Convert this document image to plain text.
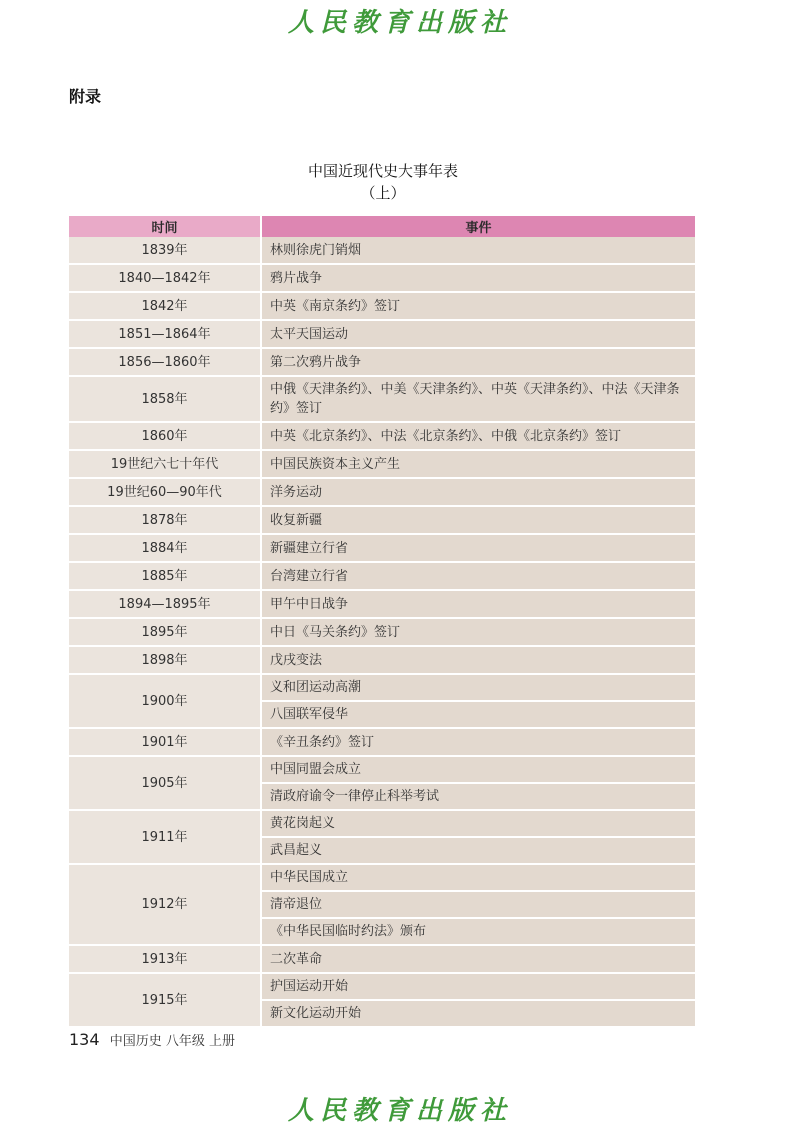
人民教育出版社
附录
中国近现代史大事年表
（上）
时间	事件
1839年	林则徐虎门销烟
1840—1842年	鸦片战争
1842年	中英《南京条约》签订
1851—1864年	太平天国运动
1856—1860年	第二次鸦片战争
1858年	中俄《天津条约》、中美《天津条约》、中英《天津条约》、中法《天津条约》签订
1860年	中英《北京条约》、中法《北京条约》、中俄《北京条约》签订
19世纪六七十年代	中国民族资本主义产生
19世纪60—90年代	洋务运动
1878年	收复新疆
1884年	新疆建立行省
1885年	台湾建立行省
1894—1895年	甲午中日战争
1895年	中日《马关条约》签订
1898年	戊戌变法
1900年	义和团运动高潮
	八国联军侵华
1901年	《辛丑条约》签订
1905年	中国同盟会成立
	清政府谕令一律停止科举考试
1911年	黄花岗起义
	武昌起义
1912年	中华民国成立
	清帝退位
	《中华民国临时约法》颁布
1913年	二次革命
1915年	护国运动开始
	新文化运动开始
134 中国历史 八年级 上册
人民教育出版社
